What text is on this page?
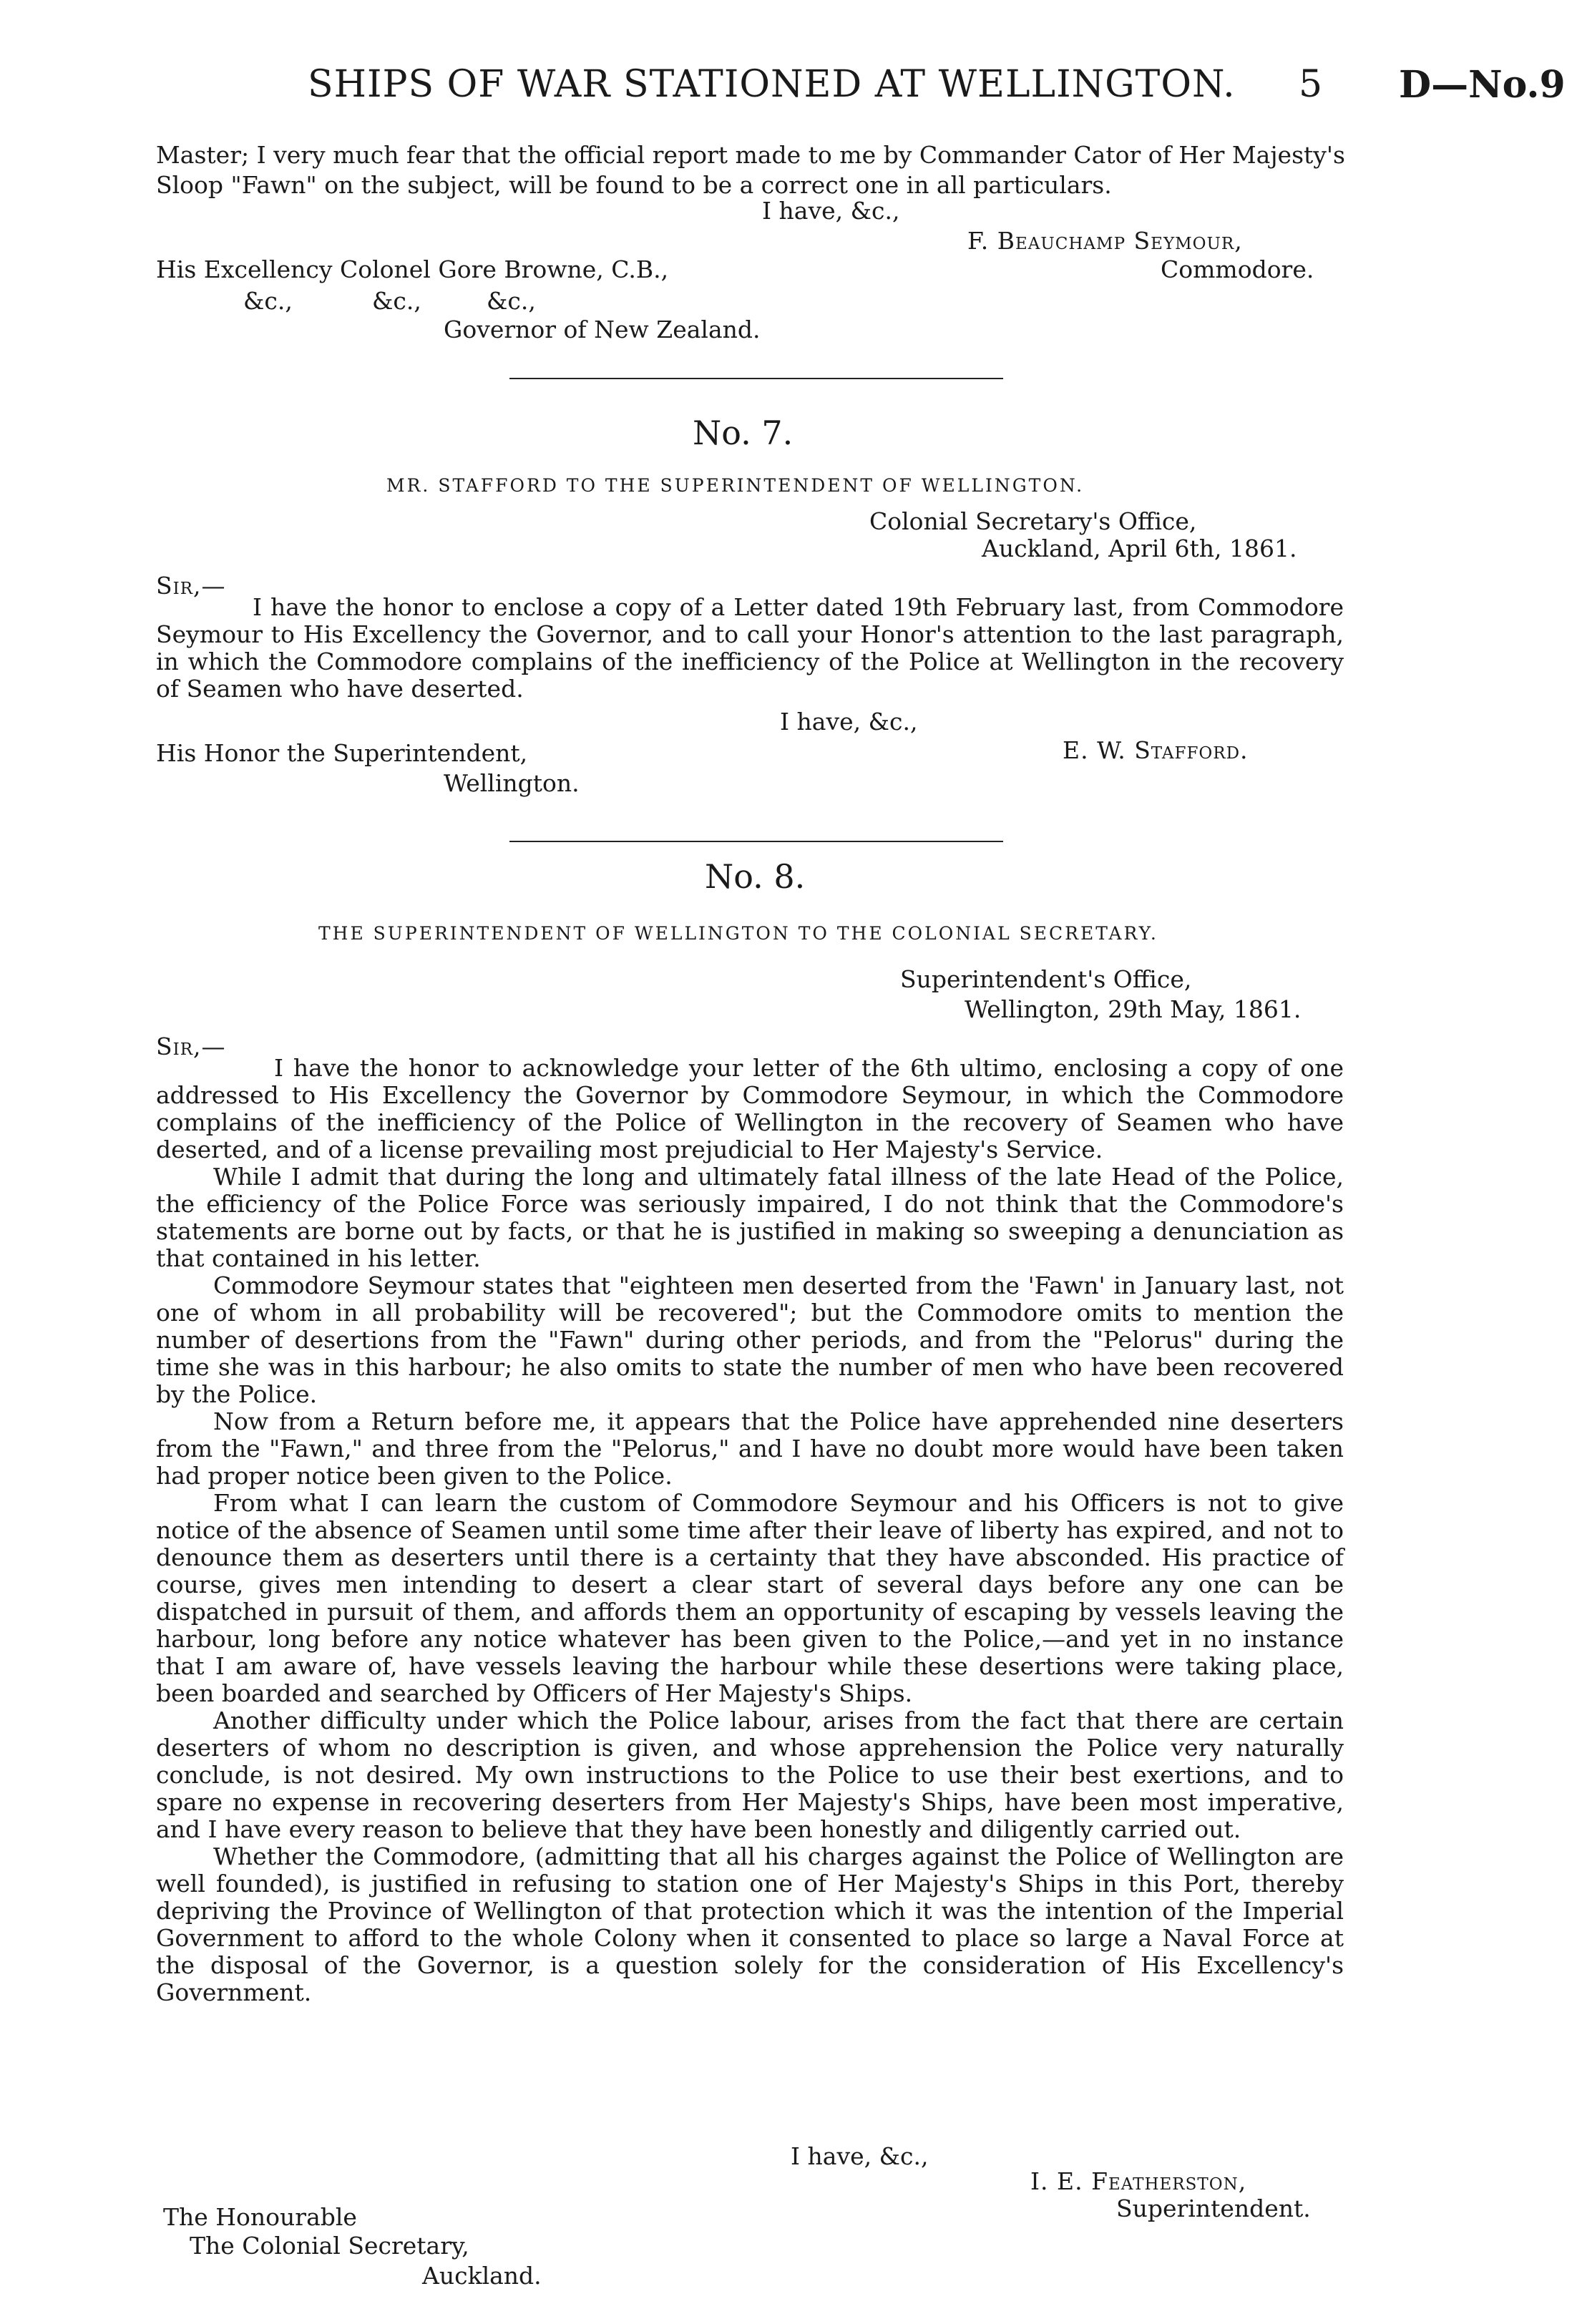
SHIPS OF WAR STATIONED AT WELLINGTON. 5 D—No.9
Master; I very much fear that the official report made to me by Commander Cator of Her Majesty's
Sloop "Fawn" on the subject, will be found to be a correct one in all particulars.
I have, &c.,
F. Beauchamp Seymour,
Commodore.
His Excellency Colonel Gore Browne, C.B.,
&c.,	&c.,	&c.,
Governor of New Zealand.
No. 7.
MR. STAFFORD TO THE SUPERINTENDENT OF WELLINGTON.
Colonial Secretary's Office,
Auckland, April 6th, 1861.
Sir,—

I have the honor to enclose a copy of a Letter dated 19th February last, from Commodore Seymour to His Excellency the Governor, and to call your Honor's attention to the last paragraph, in which the Commodore complains of the inefficiency of the Police at Wellington in the recovery of Seamen who have deserted.

I have, &c.,
His Honor the Superintendent,	E. W. Stafford.
Wellington.
No. 8.
THE SUPERINTENDENT OF WELLINGTON TO THE COLONIAL SECRETARY.
Superintendent's Office,
Wellington, 29th May, 1861.
Sir,—

I have the honor to acknowledge your letter of the 6th ultimo, enclosing a copy of one addressed to His Excellency the Governor by Commodore Seymour, in which the Commodore complains of the inefficiency of the Police of Wellington in the recovery of Seamen who have deserted, and of a license prevailing most prejudicial to Her Majesty's Service.

While I admit that during the long and ultimately fatal illness of the late Head of the Police, the efficiency of the Police Force was seriously impaired, I do not think that the Commodore's statements are borne out by facts, or that he is justified in making so sweeping a denunciation as that contained in his letter.

Commodore Seymour states that "eighteen men deserted from the 'Fawn' in January last, not one of whom in all probability will be recovered"; but the Commodore omits to mention the number of desertions from the "Fawn" during other periods, and from the "Pelorus" during the time she was in this harbour; he also omits to state the number of men who have been recovered by the Police.

Now from a Return before me, it appears that the Police have apprehended nine deserters from the "Fawn," and three from the "Pelorus," and I have no doubt more would have been taken had proper notice been given to the Police.

From what I can learn the custom of Commodore Seymour and his Officers is not to give notice of the absence of Seamen until some time after their leave of liberty has expired, and not to denounce them as deserters until there is a certainty that they have absconded. His practice of course, gives men intending to desert a clear start of several days before any one can be dispatched in pursuit of them, and affords them an opportunity of escaping by vessels leaving the harbour, long before any notice whatever has been given to the Police,—and yet in no instance that I am aware of, have vessels leaving the harbour while these desertions were taking place, been boarded and searched by Officers of Her Majesty's Ships.

Another difficulty under which the Police labour, arises from the fact that there are certain deserters of whom no description is given, and whose apprehension the Police very naturally conclude, is not desired. My own instructions to the Police to use their best exertions, and to spare no expense in recovering deserters from Her Majesty's Ships, have been most imperative, and I have every reason to believe that they have been honestly and diligently carried out.

Whether the Commodore, (admitting that all his charges against the Police of Wellington are well founded), is justified in refusing to station one of Her Majesty's Ships in this Port, thereby depriving the Province of Wellington of that protection which it was the intention of the Imperial Government to afford to the whole Colony when it consented to place so large a Naval Force at the disposal of the Governor, is a question solely for the consideration of His Excellency's Government.

I have, &c.,
I. E. Featherston,
Superintendent.
The Honourable
The Colonial Secretary,
Auckland.
